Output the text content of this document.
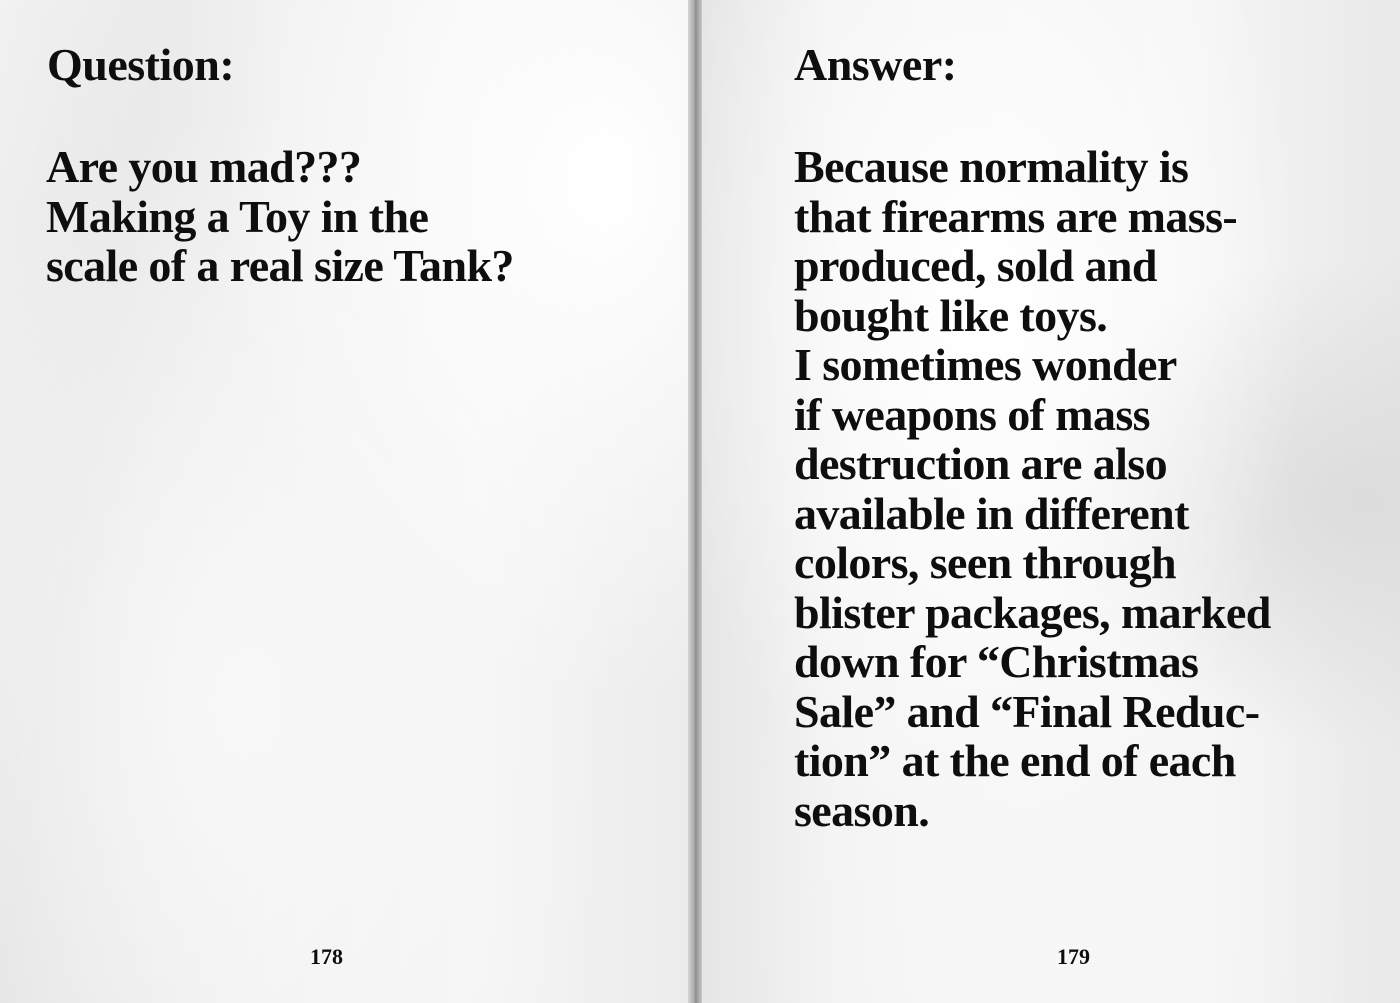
Question:

Are you mad???
Making a Toy in the
scale of a real size Tank?

178
Answer:

Because normality is
that firearms are mass-
produced, sold and
bought like toys.
I sometimes wonder
if weapons of mass
destruction are also
available in different
colors, seen through
blister packages, marked
down for “Christmas
Sale” and “Final Reduc-
tion” at the end of each
season.

179
